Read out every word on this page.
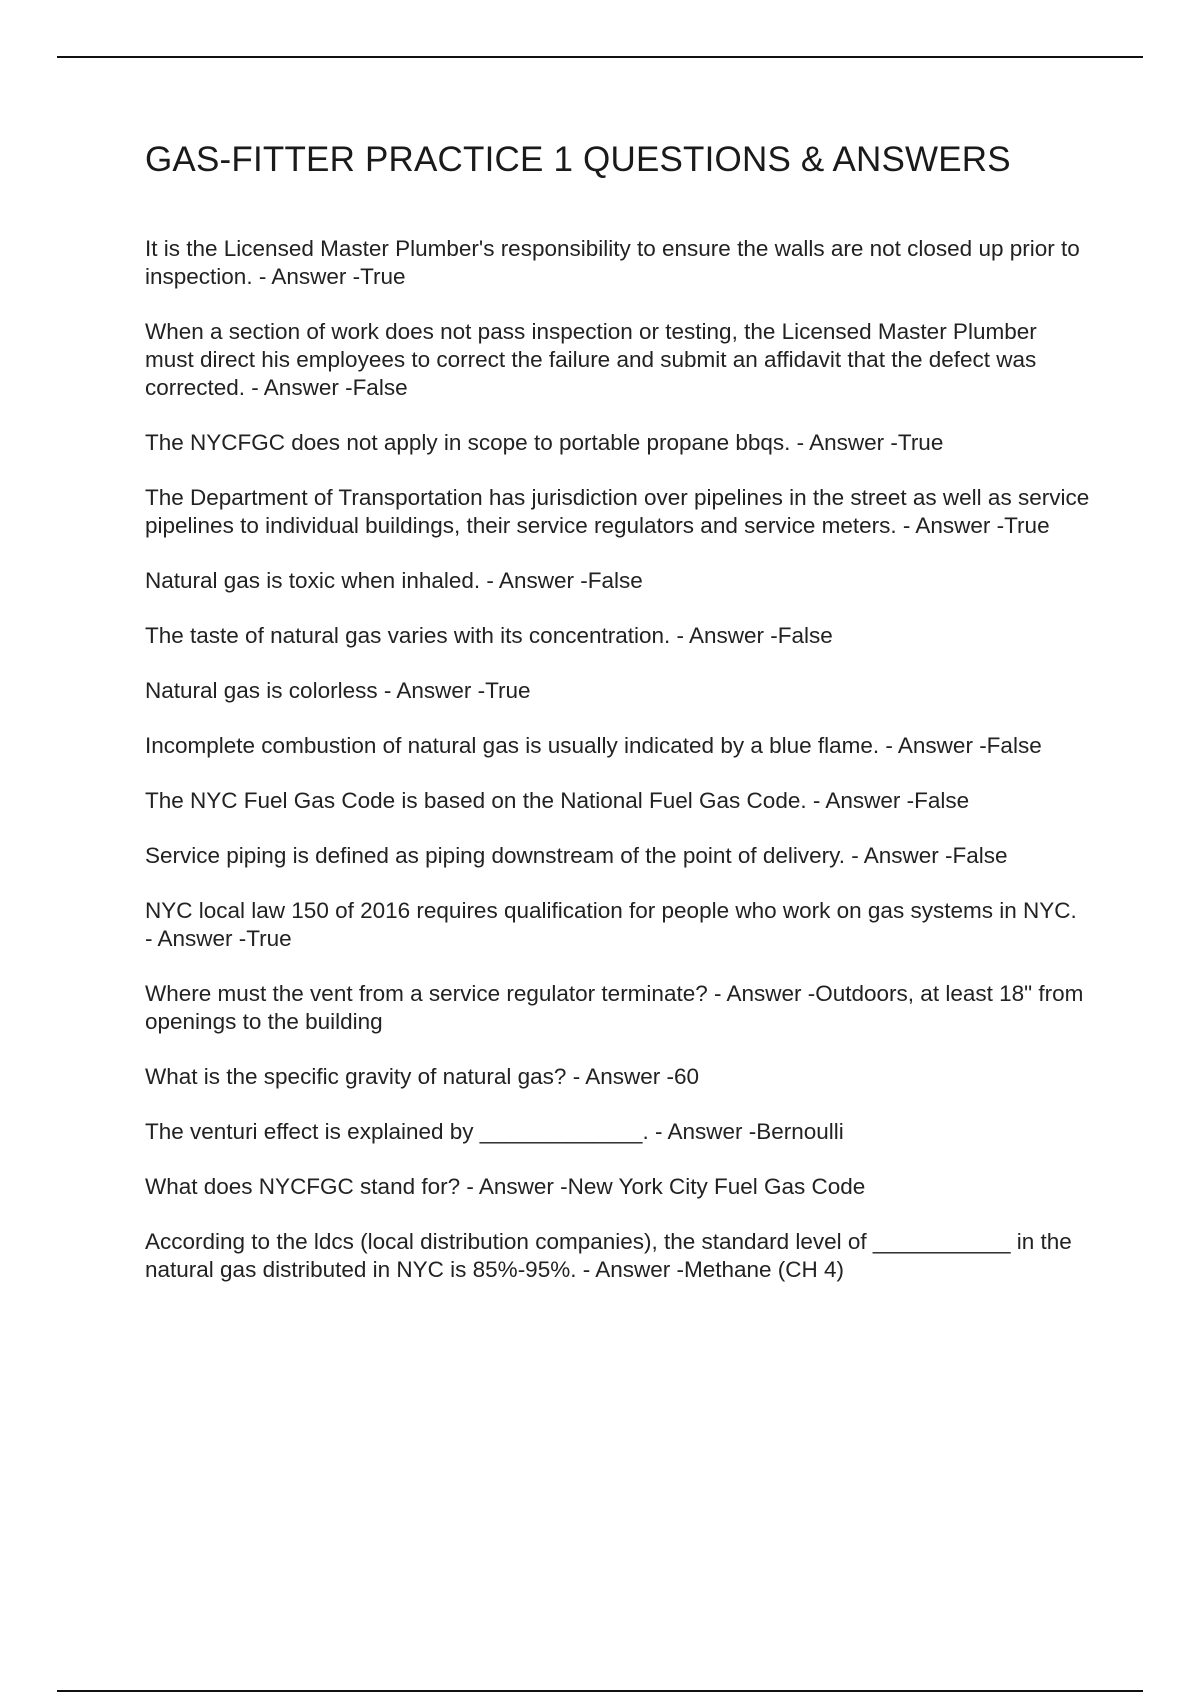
GAS-FITTER PRACTICE 1 QUESTIONS & ANSWERS
It is the Licensed Master Plumber's responsibility to ensure the walls are not closed up prior to inspection. - Answer -True
When a section of work does not pass inspection or testing, the Licensed Master Plumber must direct his employees to correct the failure and submit an affidavit that the defect was corrected. - Answer -False
The NYCFGC does not apply in scope to portable propane bbqs. - Answer -True
The Department of Transportation has jurisdiction over pipelines in the street as well as service pipelines to individual buildings, their service regulators and service meters. - Answer -True
Natural gas is toxic when inhaled. - Answer -False
The taste of natural gas varies with its concentration. - Answer -False
Natural gas is colorless - Answer -True
Incomplete combustion of natural gas is usually indicated by a blue flame. - Answer -False
The NYC Fuel Gas Code is based on the National Fuel Gas Code. - Answer -False
Service piping is defined as piping downstream of the point of delivery. - Answer -False
NYC local law 150 of 2016 requires qualification for people who work on gas systems in NYC. - Answer -True
Where must the vent from a service regulator terminate? - Answer -Outdoors, at least 18" from openings to the building
What is the specific gravity of natural gas? - Answer -60
The venturi effect is explained by _____________. - Answer -Bernoulli
What does NYCFGC stand for? - Answer -New York City Fuel Gas Code
According to the ldcs (local distribution companies), the standard level of ___________ in the natural gas distributed in NYC is 85%-95%. - Answer -Methane (CH 4)
